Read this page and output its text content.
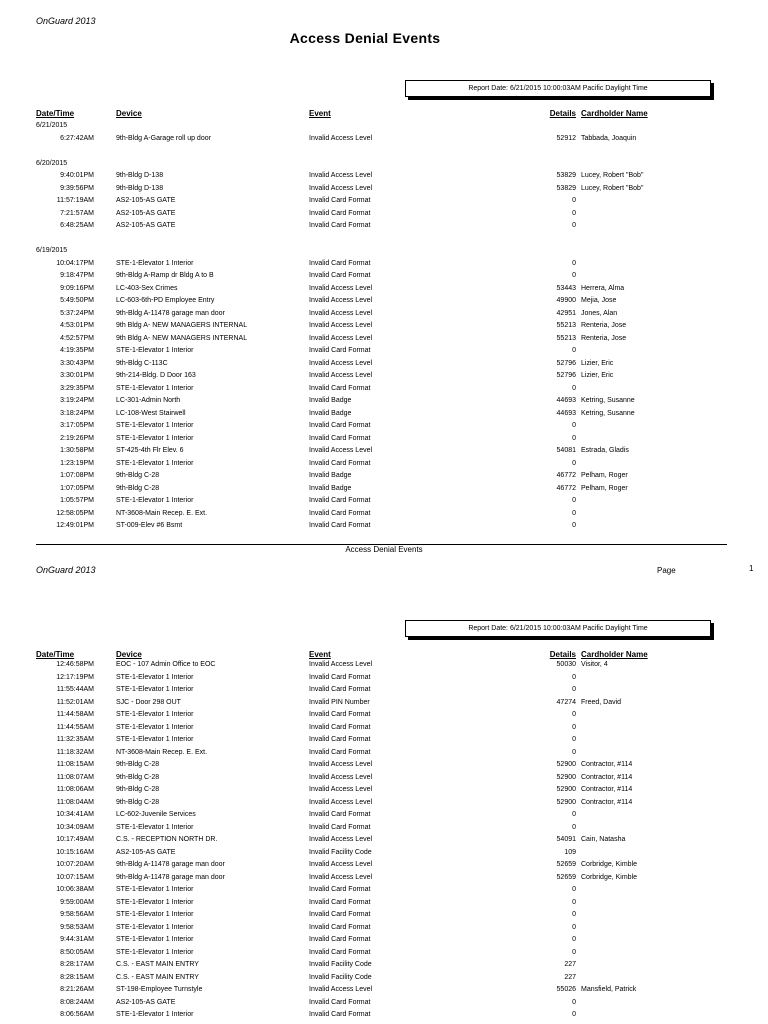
OnGuard 2013
Access Denial Events
Report Date: 6/21/2015 10:00:03AM Pacific Daylight Time
Date/Time	Device	Event	Details Cardholder Name
6/21/2015
6:27:42AM	9th-Bldg A-Garage roll up door	Invalid Access Level	52912 Tabbada, Joaquin
6/20/2015
9:40:01PM	9th-Bldg D-138	Invalid Access Level	53829 Lucey, Robert "Bob"
9:39:56PM	9th-Bldg D-138	Invalid Access Level	53829 Lucey, Robert "Bob"
11:57:19AM	AS2-105-AS GATE	Invalid Card Format	0
7:21:57AM	AS2-105-AS GATE	Invalid Card Format	0
6:48:25AM	AS2-105-AS GATE	Invalid Card Format	0
6/19/2015
10:04:17PM	STE-1-Elevator 1 Interior	Invalid Card Format	0
9:18:47PM	9th-Bldg A-Ramp dr Bldg A to B	Invalid Card Format	0
9:09:16PM	LC-403-Sex Crimes	Invalid Access Level	53443 Herrera, Alma
5:49:50PM	LC-603-6th-PD Employee Entry	Invalid Access Level	49900 Mejia, Jose
5:37:24PM	9th-Bldg A-11478 garage man door	Invalid Access Level	42951 Jones, Alan
4:53:01PM	9th Bldg A- NEW MANAGERS INTERNAL	Invalid Access Level	55213 Renteria, Jose
4:52:57PM	9th Bldg A- NEW MANAGERS INTERNAL	Invalid Access Level	55213 Renteria, Jose
4:19:35PM	STE-1-Elevator 1 Interior	Invalid Card Format	0
3:30:43PM	9th-Bldg C-113C	Invalid Access Level	52796 Lizier, Eric
3:30:01PM	9th-214-Bldg. D Door 163	Invalid Access Level	52796 Lizier, Eric
3:29:35PM	STE-1-Elevator 1 Interior	Invalid Card Format	0
3:19:24PM	LC-301-Admin North	Invalid Badge	44693 Ketring, Susanne
3:18:24PM	LC-108-West Stairwell	Invalid Badge	44693 Ketring, Susanne
3:17:05PM	STE-1-Elevator 1 Interior	Invalid Card Format	0
2:19:26PM	STE-1-Elevator 1 Interior	Invalid Card Format	0
1:30:58PM	ST-425-4th Flr Elev. 6	Invalid Access Level	54081 Estrada, Gladis
1:23:19PM	STE-1-Elevator 1 Interior	Invalid Card Format	0
1:07:08PM	9th-Bldg C-28	Invalid Badge	46772 Pelham, Roger
1:07:05PM	9th-Bldg C-28	Invalid Badge	46772 Pelham, Roger
1:05:57PM	STE-1-Elevator 1 Interior	Invalid Card Format	0
12:58:05PM	NT-3608-Main Recep. E. Ext.	Invalid Card Format	0
12:49:01PM	ST-009-Elev #6 Bsmt	Invalid Card Format	0
Access Denial Events
OnGuard 2013	Page	1
Report Date: 6/21/2015 10:00:03AM Pacific Daylight Time
Date/Time	Device	Event	Details Cardholder Name
12:46:58PM	EOC - 107 Admin Office to EOC	Invalid Access Level	50030 Visitor, 4
12:17:19PM	STE-1-Elevator 1 Interior	Invalid Card Format	0
11:55:44AM	STE-1-Elevator 1 Interior	Invalid Card Format	0
11:52:01AM	SJC - Door 298 OUT	Invalid PIN Number	47274 Freed, David
11:44:58AM	STE-1-Elevator 1 Interior	Invalid Card Format	0
11:44:55AM	STE-1-Elevator 1 Interior	Invalid Card Format	0
11:32:35AM	STE-1-Elevator 1 Interior	Invalid Card Format	0
11:18:32AM	NT-3608-Main Recep. E. Ext.	Invalid Card Format	0
11:08:15AM	9th-Bldg C-28	Invalid Access Level	52900 Contractor, #114
11:08:07AM	9th-Bldg C-28	Invalid Access Level	52900 Contractor, #114
11:08:06AM	9th-Bldg C-28	Invalid Access Level	52900 Contractor, #114
11:08:04AM	9th-Bldg C-28	Invalid Access Level	52900 Contractor, #114
10:34:41AM	LC-602-Juvenile Services	Invalid Card Format	0
10:34:09AM	STE-1-Elevator 1 Interior	Invalid Card Format	0
10:17:49AM	C.S. - RECEPTION NORTH DR.	Invalid Access Level	54091 Cain, Natasha
10:15:16AM	AS2-105-AS GATE	Invalid Facility Code	109
10:07:20AM	9th-Bldg A-11478 garage man door	Invalid Access Level	52659 Corbridge, Kimble
10:07:15AM	9th-Bldg A-11478 garage man door	Invalid Access Level	52659 Corbridge, Kimble
10:06:38AM	STE-1-Elevator 1 Interior	Invalid Card Format	0
9:59:00AM	STE-1-Elevator 1 Interior	Invalid Card Format	0
9:58:56AM	STE-1-Elevator 1 Interior	Invalid Card Format	0
9:58:53AM	STE-1-Elevator 1 Interior	Invalid Card Format	0
9:44:31AM	STE-1-Elevator 1 Interior	Invalid Card Format	0
8:50:05AM	STE-1-Elevator 1 Interior	Invalid Card Format	0
8:28:17AM	C.S. - EAST MAIN ENTRY	Invalid Facility Code	227
8:28:15AM	C.S. - EAST MAIN ENTRY	Invalid Facility Code	227
8:21:26AM	ST-198-Employee Turnstyle	Invalid Access Level	55026 Mansfield, Patrick
8:08:24AM	AS2-105-AS GATE	Invalid Card Format	0
8:06:56AM	STE-1-Elevator 1 Interior	Invalid Card Format	0
